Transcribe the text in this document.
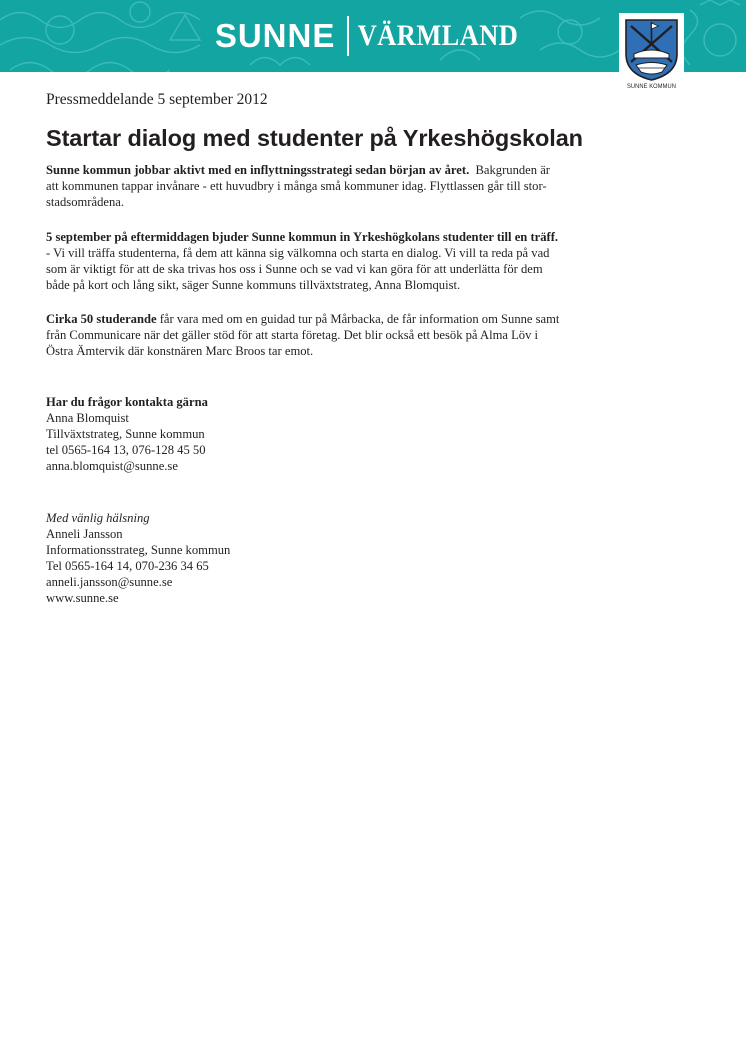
SUNNE VÄRMLAND
SUNNE KOMMUN
Pressmeddelande 5 september 2012
Startar dialog med studenter på Yrkeshögskolan
Sunne kommun jobbar aktivt med en inflyttningsstrategi sedan början av året. Bakgrunden är
att kommunen tappar invånare - ett huvudbry i många små kommuner idag. Flyttlassen går till stor-
stadsområdena.
5 september på eftermiddagen bjuder Sunne kommun in Yrkeshögkolans studenter till en träff.
- Vi vill träffa studenterna, få dem att känna sig välkomna och starta en dialog. Vi vill ta reda på vad
som är viktigt för att de ska trivas hos oss i Sunne och se vad vi kan göra för att underlätta för dem
både på kort och lång sikt, säger Sunne kommuns tillväxtstrateg, Anna Blomquist.
Cirka 50 studerande får vara med om en guidad tur på Mårbacka, de får information om Sunne samt
från Communicare när det gäller stöd för att starta företag. Det blir också ett besök på Alma Löv i
Östra Ämtervik där konstnären Marc Broos tar emot.
Har du frågor kontakta gärna
Anna Blomquist
Tillväxtstrateg, Sunne kommun
tel 0565-164 13, 076-128 45 50
anna.blomquist@sunne.se
Med vänlig hälsning
Anneli Jansson
Informationsstrateg, Sunne kommun
Tel 0565-164 14, 070-236 34 65
anneli.jansson@sunne.se
www.sunne.se
